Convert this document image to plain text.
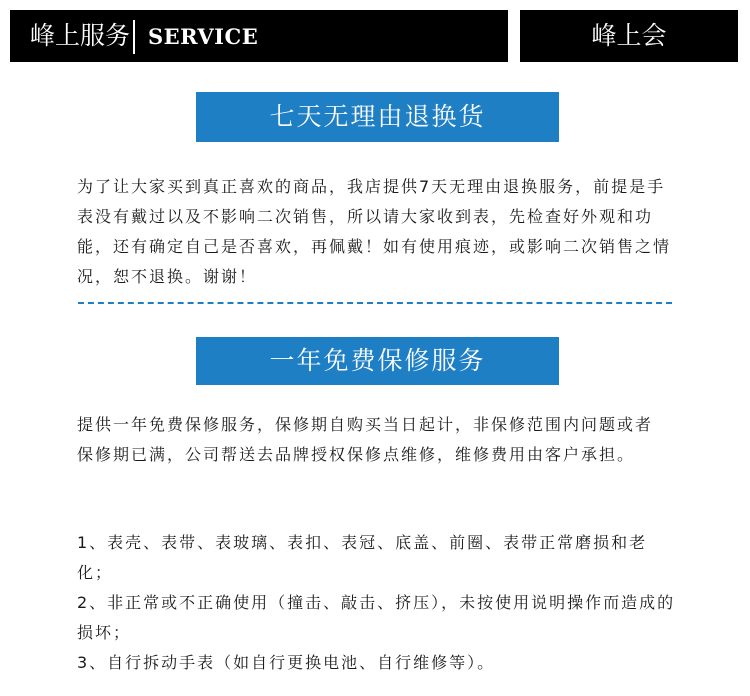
峰上服务 SERVICE	峰上会
七天无理由退换货

为了让大家买到真正喜欢的商品，我店提供7天无理由退换服务，前提是手表没有戴过以及不影响二次销售，所以请大家收到表，先检查好外观和功能，还有确定自己是否喜欢，再佩戴！如有使用痕迹，或影响二次销售之情况，恕不退换。谢谢！

一年免费保修服务

提供一年免费保修服务，保修期自购买当日起计，非保修范围内问题或者保修期已满，公司帮送去品牌授权保修点维修，维修费用由客户承担。

1、表壳、表带、表玻璃、表扣、表冠、底盖、前圈、表带正常磨损和老化；
2、非正常或不正确使用（撞击、敲击、挤压），未按使用说明操作而造成的损坏；
3、自行拆动手表（如自行更换电池、自行维修等）。
